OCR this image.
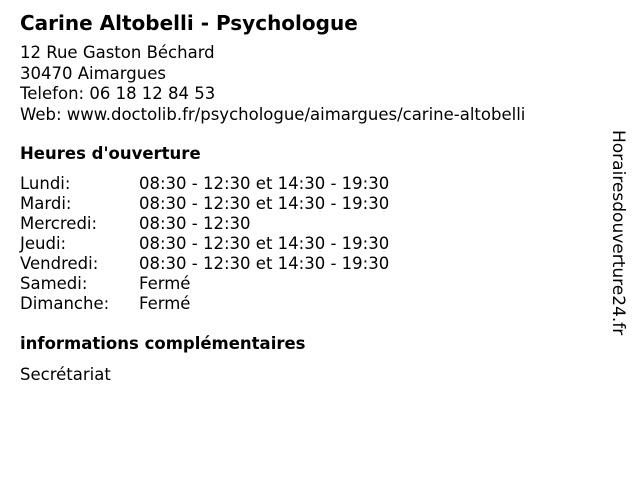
Carine Altobelli - Psychologue
12 Rue Gaston Béchard
30470 Aimargues
Telefon: 06 18 12 84 53
Web: www.doctolib.fr/psychologue/aimargues/carine-altobelli
Heures d'ouverture
Lundi:	08:30 - 12:30 et 14:30 - 19:30
Mardi:	08:30 - 12:30 et 14:30 - 19:30
Mercredi:	08:30 - 12:30
Jeudi:	08:30 - 12:30 et 14:30 - 19:30
Vendredi:	08:30 - 12:30 et 14:30 - 19:30
Samedi:	Fermé
Dimanche:	Fermé
informations complémentaires
Secrétariat
Horairesdouverture24.fr
